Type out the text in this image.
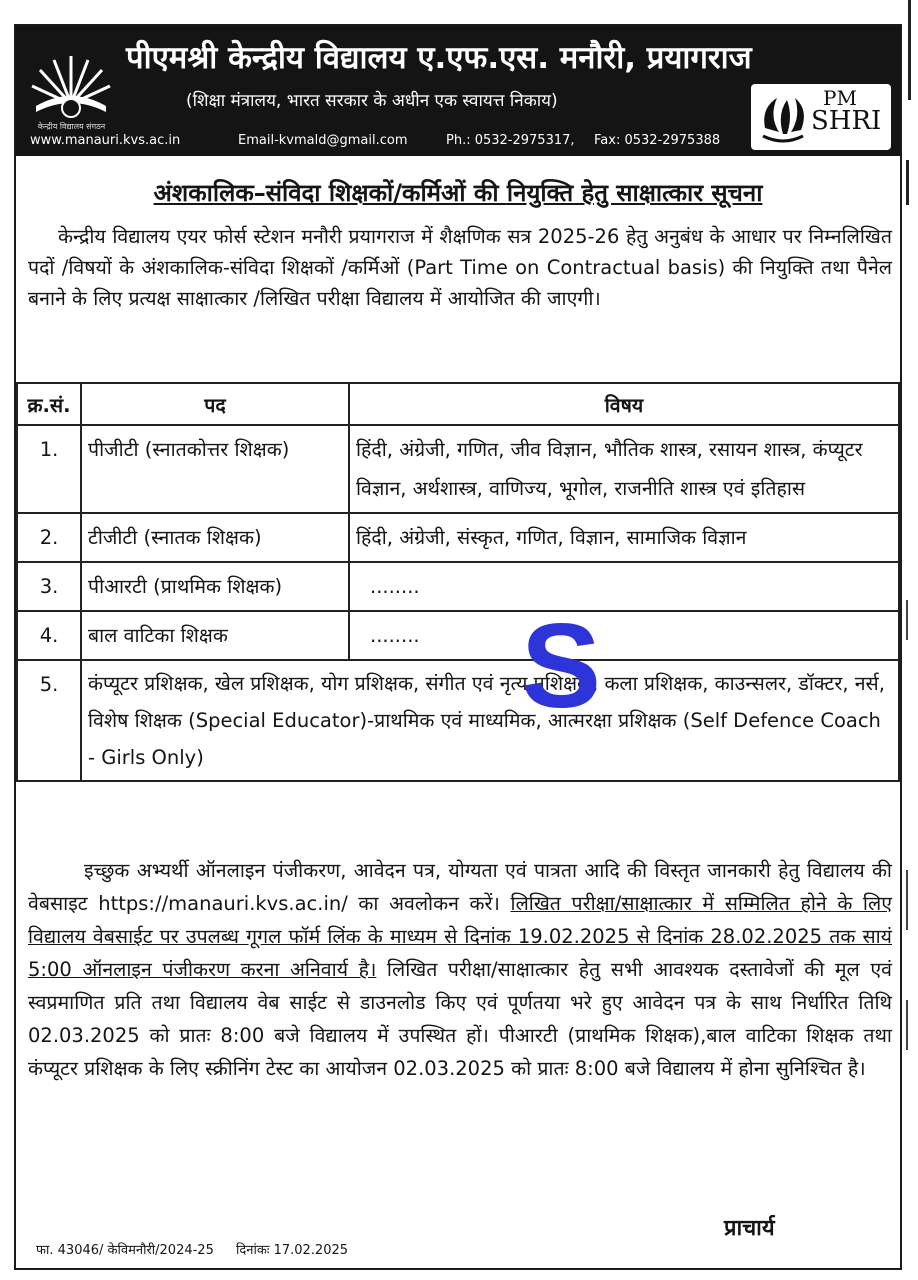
केन्द्रीय विद्यालय संगठन
पीएमश्री केन्द्रीय विद्यालय ए.एफ.एस. मनौरी, प्रयागराज
(शिक्षा मंत्रालय, भारत सरकार के अधीन एक स्वायत्त निकाय)	PM
SHRI
www.manauri.kvs.ac.in	Email-kvmald@gmail.com	Ph.: 0532-2975317, Fax: 0532-2975388
अंशकालिक–संविदा शिक्षकों/कर्मिओं की नियुक्ति हेतु साक्षात्कार सूचना

केन्द्रीय विद्यालय एयर फोर्स स्टेशन मनौरी प्रयागराज में शैक्षणिक सत्र 2025-26 हेतु अनुबंध के आधार पर निम्नलिखित पदों /विषयों के अंशकालिक-संविदा शिक्षकों /कर्मिओं (Part Time on Contractual basis) की नियुक्ति तथा पैनेल बनाने के लिए प्रत्यक्ष साक्षात्कार /लिखित परीक्षा विद्यालय में आयोजित की जाएगी।

क्र.सं.	पद	विषय
1.	पीजीटी (स्नातकोत्तर शिक्षक)	हिंदी, अंग्रेजी, गणित, जीव विज्ञान, भौतिक शास्त्र, रसायन शास्त्र, कंप्यूटर विज्ञान, अर्थशास्त्र, वाणिज्य, भूगोल, राजनीति शास्त्र एवं इतिहास
2.	टीजीटी (स्नातक शिक्षक)	हिंदी, अंग्रेजी, संस्कृत, गणित, विज्ञान, सामाजिक विज्ञान
3.	पीआरटी (प्राथमिक शिक्षक)	........
4.	बाल वाटिका शिक्षक	........
5.	कंप्यूटर प्रशिक्षक, खेल प्रशिक्षक, योग प्रशिक्षक, संगीत एवं नृत्य प्रशिक्षक, कला प्रशिक्षक, काउन्सलर, डॉक्टर, नर्स, विशेष शिक्षक (Special Educator)-प्राथमिक एवं माध्यमिक, आत्मरक्षा प्रशिक्षक (Self Defence Coach - Girls Only)	
S

इच्छुक अभ्यर्थी ऑनलाइन पंजीकरण, आवेदन पत्र, योग्यता एवं पात्रता आदि की विस्तृत जानकारी हेतु विद्यालय की वेबसाइट https://manauri.kvs.ac.in/ का अवलोकन करें। लिखित परीक्षा/साक्षात्कार में सम्मिलित होने के लिए विद्यालय वेबसाईट पर उपलब्ध गूगल फॉर्म लिंक के माध्यम से दिनांक 19.02.2025 से दिनांक 28.02.2025 तक सायं 5:00 ऑनलाइन पंजीकरण करना अनिवार्य है। लिखित परीक्षा/साक्षात्कार हेतु सभी आवश्यक दस्तावेजों की मूल एवं स्वप्रमाणित प्रति तथा विद्यालय वेब साईट से डाउनलोड किए एवं पूर्णतया भरे हुए आवेदन पत्र के साथ निर्धारित तिथि 02.03.2025 को प्रातः 8:00 बजे विद्यालय में उपस्थित हों। पीआरटी (प्राथमिक शिक्षक),बाल वाटिका शिक्षक तथा कंप्यूटर प्रशिक्षक के लिए स्क्रीनिंग टेस्ट का आयोजन 02.03.2025 को प्रातः 8:00 बजे विद्यालय में होना सुनिश्चित है।

प्राचार्य
फा. 43046/ केविमनौरी/2024-25 दिनांकः 17.02.2025
